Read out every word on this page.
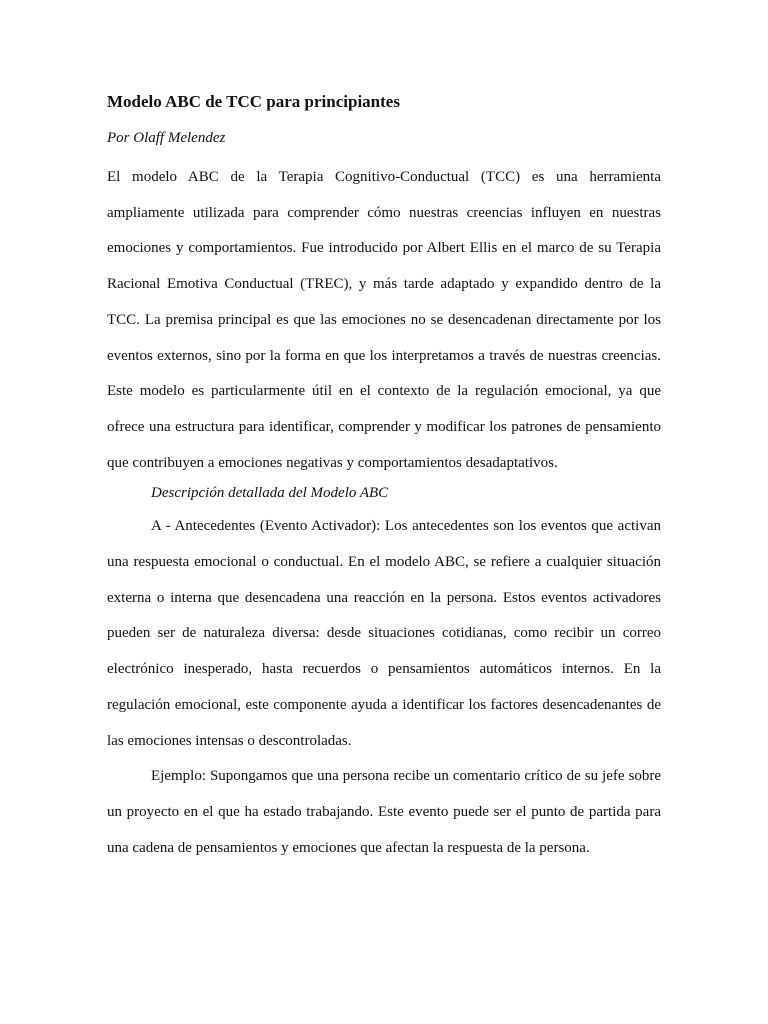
Modelo ABC de TCC para principiantes

Por Olaff Melendez

El modelo ABC de la Terapia Cognitivo-Conductual (TCC) es una herramienta ampliamente utilizada para comprender cómo nuestras creencias influyen en nuestras emociones y comportamientos. Fue introducido por Albert Ellis en el marco de su Terapia Racional Emotiva Conductual (TREC), y más tarde adaptado y expandido dentro de la TCC. La premisa principal es que las emociones no se desencadenan directamente por los eventos externos, sino por la forma en que los interpretamos a través de nuestras creencias. Este modelo es particularmente útil en el contexto de la regulación emocional, ya que ofrece una estructura para identificar, comprender y modificar los patrones de pensamiento que contribuyen a emociones negativas y comportamientos desadaptativos.

Descripción detallada del Modelo ABC

A - Antecedentes (Evento Activador): Los antecedentes son los eventos que activan una respuesta emocional o conductual. En el modelo ABC, se refiere a cualquier situación externa o interna que desencadena una reacción en la persona. Estos eventos activadores pueden ser de naturaleza diversa: desde situaciones cotidianas, como recibir un correo electrónico inesperado, hasta recuerdos o pensamientos automáticos internos. En la regulación emocional, este componente ayuda a identificar los factores desencadenantes de las emociones intensas o descontroladas.

Ejemplo: Supongamos que una persona recibe un comentario crítico de su jefe sobre un proyecto en el que ha estado trabajando. Este evento puede ser el punto de partida para una cadena de pensamientos y emociones que afectan la respuesta de la persona.
